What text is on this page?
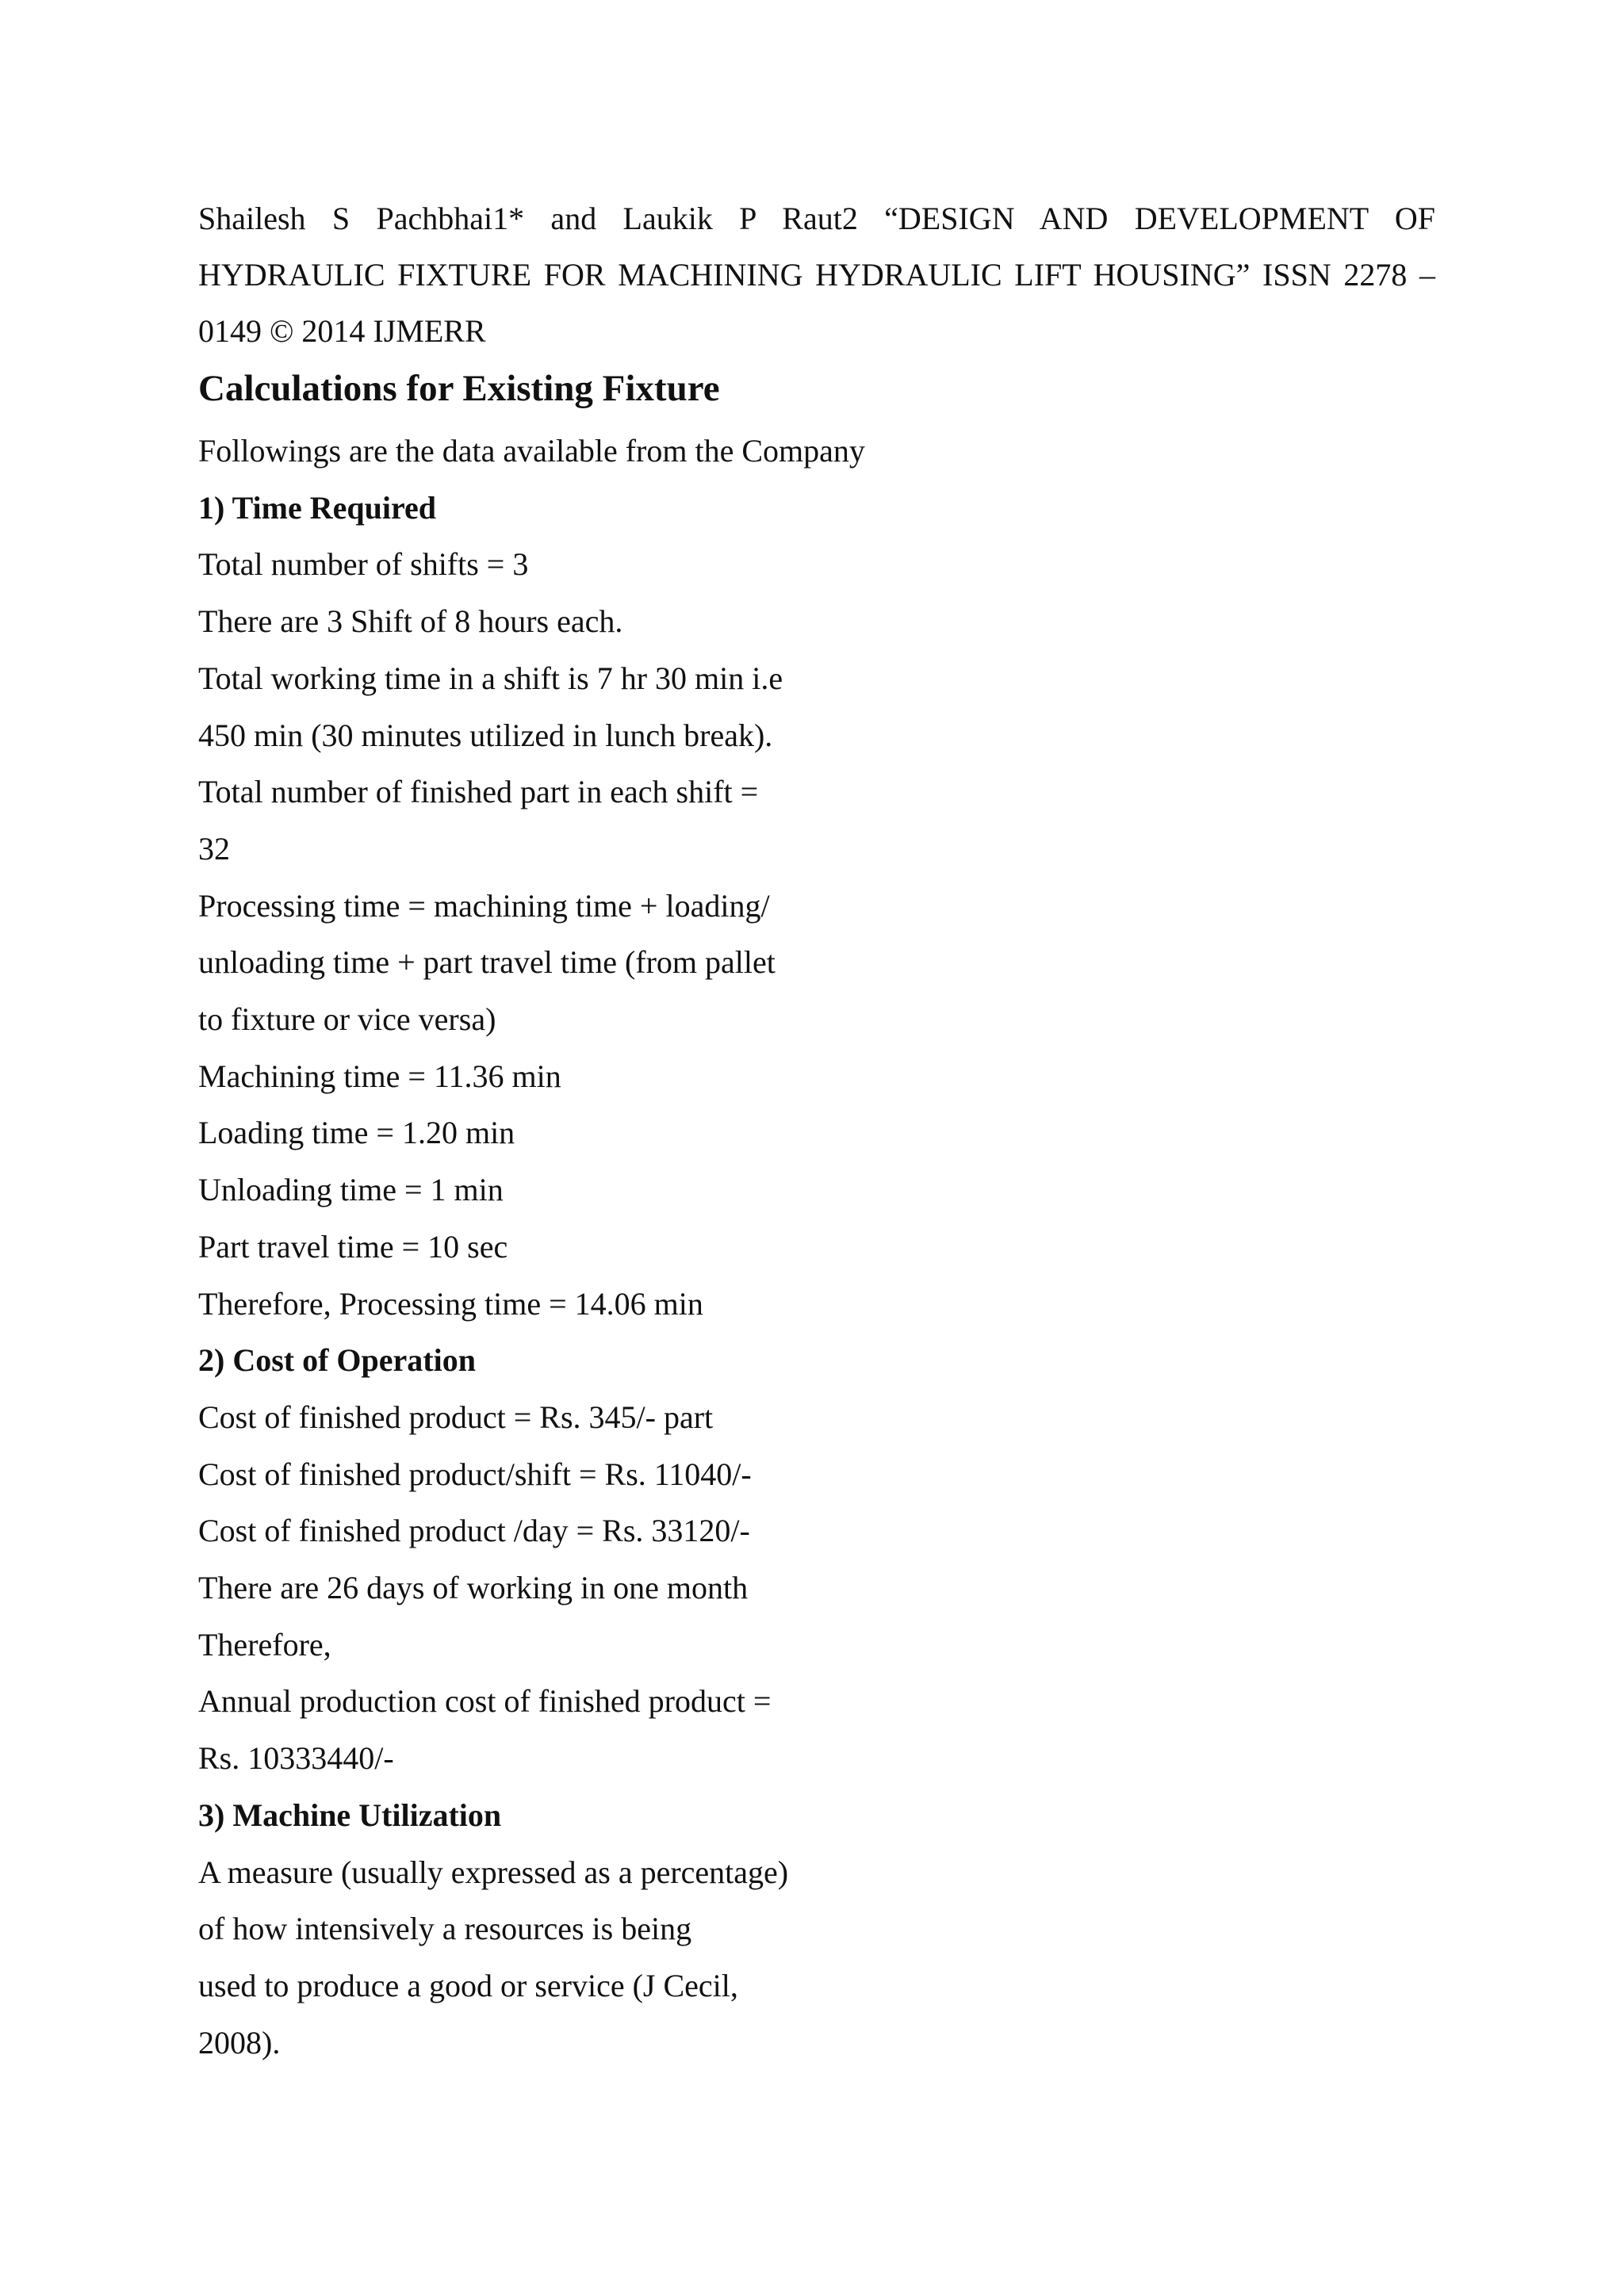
Shailesh S Pachbhai1* and Laukik P Raut2 “DESIGN AND DEVELOPMENT OF
HYDRAULIC FIXTURE FOR MACHINING HYDRAULIC LIFT HOUSING” ISSN 2278 –
0149 © 2014 IJMERR

Calculations for Existing Fixture

Followings are the data available from the Company

1) Time Required

Total number of shifts = 3

There are 3 Shift of 8 hours each.

Total working time in a shift is 7 hr 30 min i.e

450 min (30 minutes utilized in lunch break).

Total number of finished part in each shift =

32

Processing time = machining time + loading/

unloading time + part travel time (from pallet

to fixture or vice versa)

Machining time = 11.36 min

Loading time = 1.20 min

Unloading time = 1 min

Part travel time = 10 sec

Therefore, Processing time = 14.06 min

2) Cost of Operation

Cost of finished product = Rs. 345/- part

Cost of finished product/shift = Rs. 11040/-

Cost of finished product /day = Rs. 33120/-

There are 26 days of working in one month

Therefore,

Annual production cost of finished product =

Rs. 10333440/-

3) Machine Utilization

A measure (usually expressed as a percentage)

of how intensively a resources is being

used to produce a good or service (J Cecil,

2008).
